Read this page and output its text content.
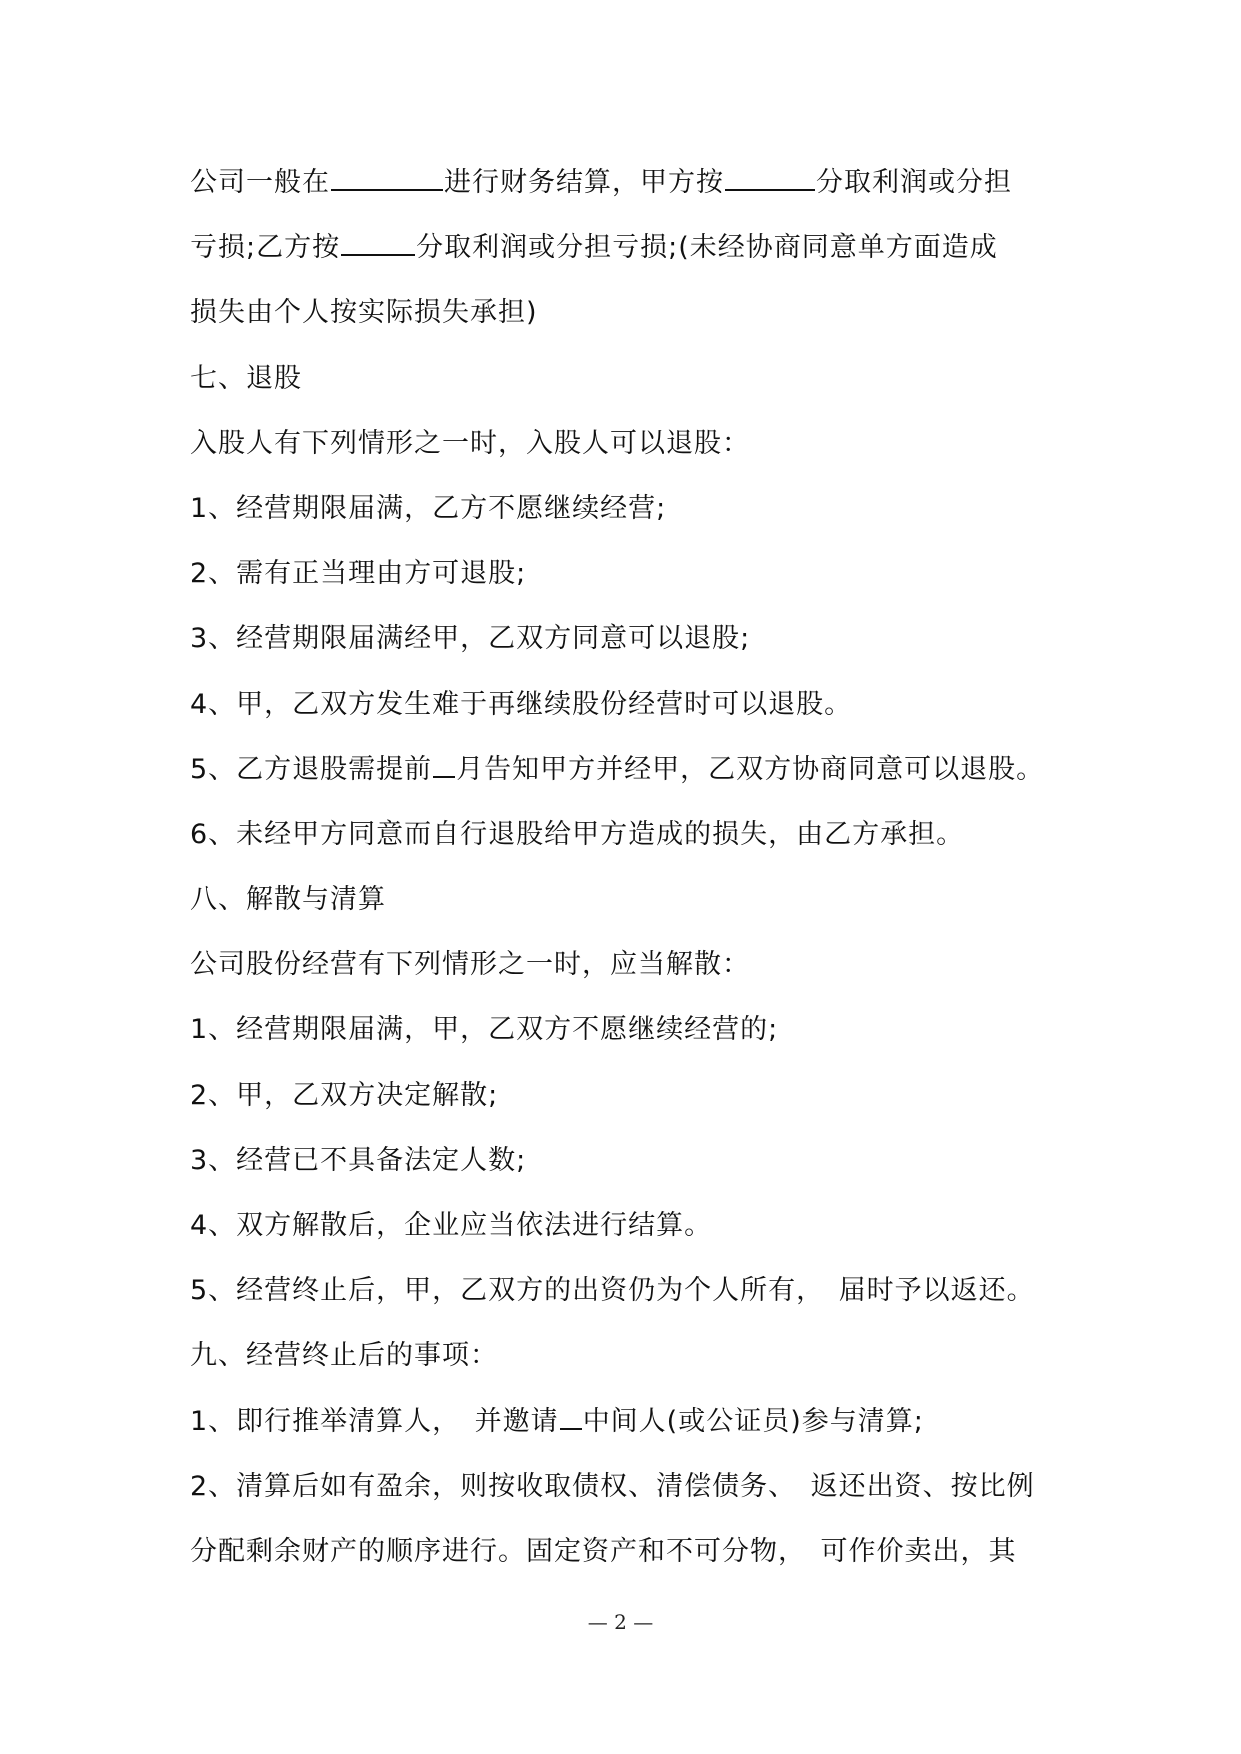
公司一般在	进行财务结算，甲方按	分取利润或分担
亏损;乙方按	分取利润或分担亏损;(未经协商同意单方面造成
损失由个人按实际损失承担)
七、退股
入股人有下列情形之一时，入股人可以退股：
1、经营期限届满，乙方不愿继续经营;
2、需有正当理由方可退股;
3、经营期限届满经甲，乙双方同意可以退股;
4、甲，乙双方发生难于再继续股份经营时可以退股。
5、乙方退股需提前 月告知甲方并经甲，乙双方协商同意可以退股。
6、未经甲方同意而自行退股给甲方造成的损失，由乙方承担。
八、解散与清算
公司股份经营有下列情形之一时，应当解散：
1、经营期限届满，甲，乙双方不愿继续经营的;
2、甲，乙双方决定解散;
3、经营已不具备法定人数;
4、双方解散后，企业应当依法进行结算。
5、经营终止后，甲，乙双方的出资仍为个人所有，　届时予以返还。
九、经营终止后的事项：
1、即行推举清算人，　并邀请 中间人(或公证员)参与清算;
2、清算后如有盈余，则按收取债权、清偿债务、　返还出资、按比例
分配剩余财产的顺序进行。固定资产和不可分物，　可作价卖出，其
— 2 —
